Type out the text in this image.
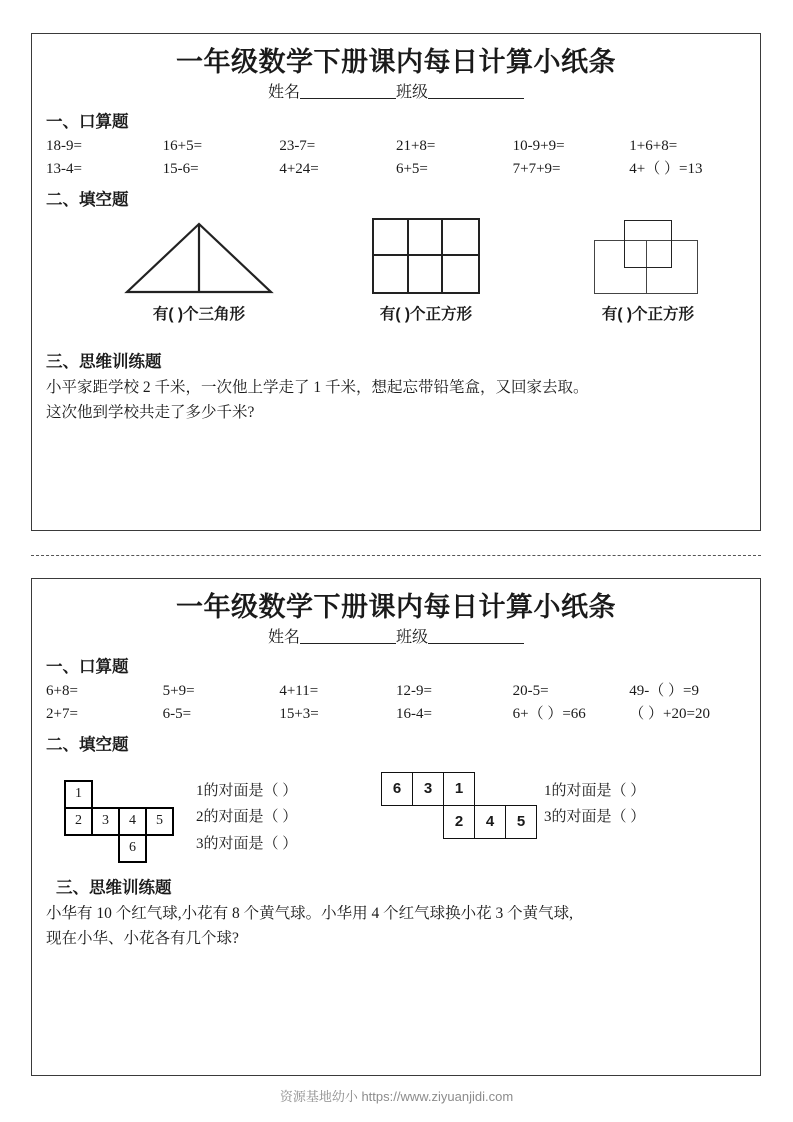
一年级数学下册课内每日计算小纸条
姓名	班级
一、口算题
18-9=	16+5=	23-7=	21+8=	10-9+9=	1+6+8=
13-4=	15-6=	4+24=	6+5=	7+7+9=	4+（ ）=13
二、填空题
有( )个三角形	有( )个正方形	有( )个正方形
三、思维训练题

小平家距学校 2 千米，一次他上学走了 1 千米，想起忘带铅笔盒，又回家去取。

这次他到学校共走了多少千米?

一年级数学下册课内每日计算小纸条
姓名	班级
一、口算题
6+8=	5+9=	4+11=	12-9=	20-5=	49-（ ）=9
2+7=	6-5=	15+3=	16-4=	6+（ ）=66	（ ）+20=20
二、填空题
1			
2	3	4	5
		6	
1的对面是（ ）
2的对面是（ ）
3的对面是（ ）
6	3	1		
		2	4	5
1的对面是（ ）
3的对面是（ ）
三、思维训练题

小华有 10 个红气球,小花有 8 个黄气球。小华用 4 个红气球换小花 3 个黄气球,

现在小华、小花各有几个球?

资源基地幼小 https://www.ziyuanjidi.com
